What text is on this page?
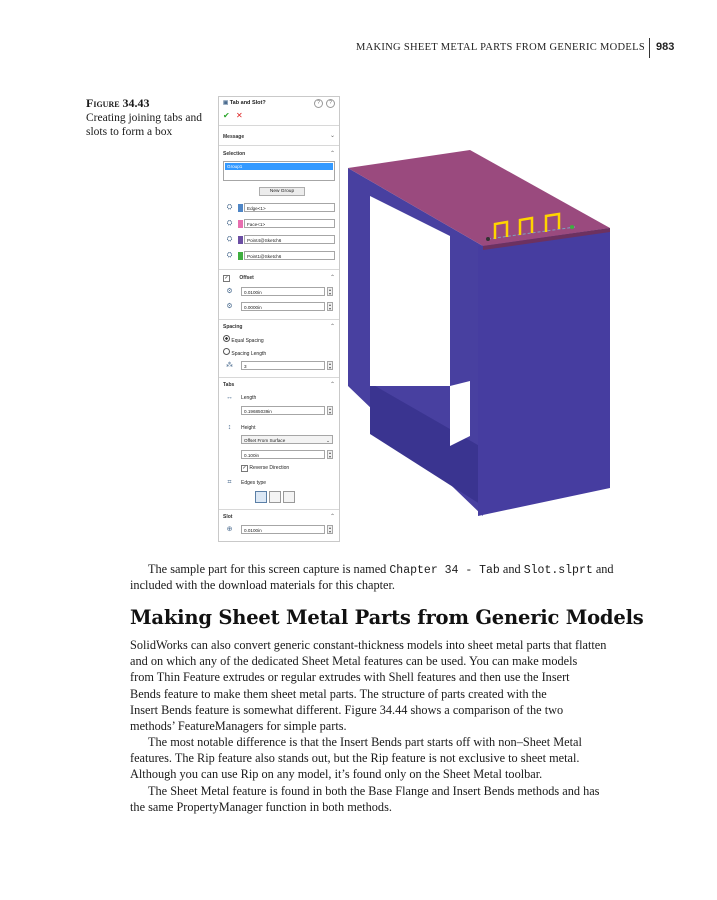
MAKING SHEET METAL PARTS FROM GENERIC MODELS 983
Figure 34.43
Creating joining tabs and slots to form a box
▣ Tab and Slot?	?	?
✔ ✕
Message	⌄
Selection	⌃
Group1
New Group
⛭	Edge<1>
⛭	Face<1>
⛭	Point4@Sketch6
⛭	Point1@Sketch6
✓ Offset	⌃
⚙	0.0100in
▴
▾
⚙	0.0000in
▴
▾
Spacing	⌃
Equal Spacing
Spacing Length
⁂	3
▴
▾
Tabs	⌃
↔ Length
0.19685039in
▴
▾
↕	Height
Offset From Surface	⌄
0.100in
▴
▾
✓ Reverse Direction
⌗	Edges type
Slot	⌃
⊕	0.0100in
▴
▾
The sample part for this screen capture is named Chapter 34 - Tab and Slot.slprt and
included with the download materials for this chapter.
Making Sheet Metal Parts from Generic Models
SolidWorks can also convert generic constant-thickness models into sheet metal parts that flatten
and on which any of the dedicated Sheet Metal features can be used. You can make models
from Thin Feature extrudes or regular extrudes with Shell features and then use the Insert
Bends feature to make them sheet metal parts. The structure of parts created with the
Insert Bends feature is somewhat different. Figure 34.44 shows a comparison of the two
methods’ FeatureManagers for simple parts.
The most notable difference is that the Insert Bends part starts off with non–Sheet Metal
features. The Rip feature also stands out, but the Rip feature is not exclusive to sheet metal.
Although you can use Rip on any model, it’s found only on the Sheet Metal toolbar.
The Sheet Metal feature is found in both the Base Flange and Insert Bends methods and has
the same PropertyManager function in both methods.
